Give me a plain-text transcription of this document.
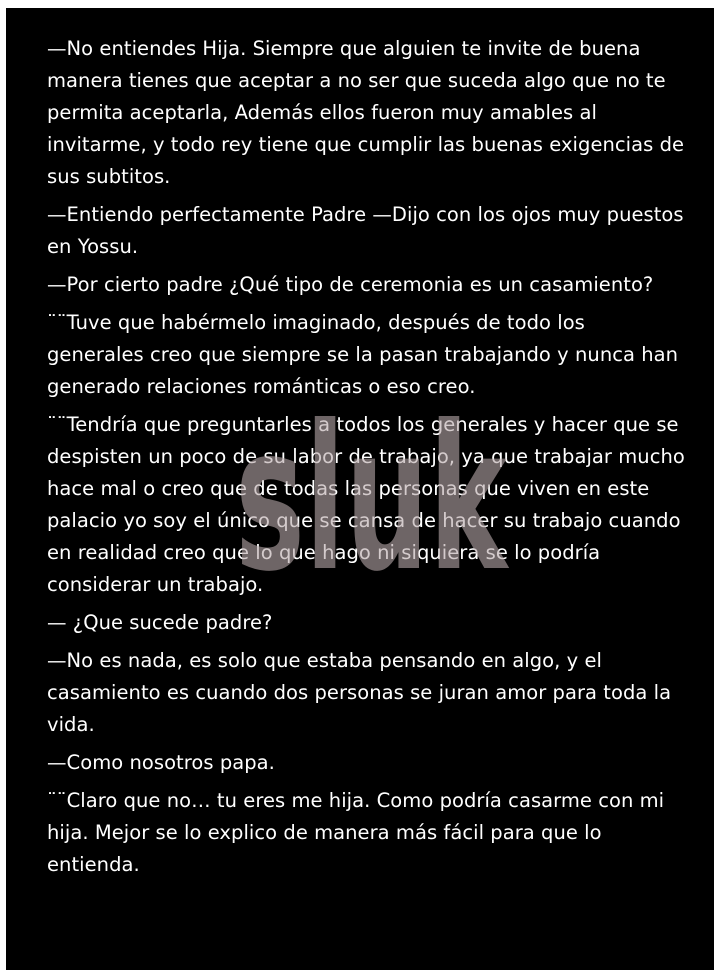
—No entiendes Hija. Siempre que alguien te invite de buena manera tienes que aceptar a no ser que suceda algo que no te permita aceptarla, Además ellos fueron muy amables al invitarme, y todo rey tiene que cumplir las buenas exigencias de sus subtitos.

—Entiendo perfectamente Padre —Dijo con los ojos muy puestos en Yossu.

—Por cierto padre ¿Qué tipo de ceremonia es un casamiento?

¨¨Tuve que habérmelo imaginado, después de todo los generales creo que siempre se la pasan trabajando y nunca han generado relaciones románticas o eso creo.

¨¨Tendría que preguntarles a todos los generales y hacer que se despisten un poco de su labor de trabajo, ya que trabajar mucho hace mal o creo que de todas las personas que viven en este palacio yo soy el único que se cansa de hacer su trabajo cuando en realidad creo que lo que hago ni siquiera se lo podría considerar un trabajo.

— ¿Que sucede padre?

—No es nada, es solo que estaba pensando en algo, y el casamiento es cuando dos personas se juran amor para toda la vida.

—Como nosotros papa.

¨¨Claro que no… tu eres me hija. Como podría casarme con mi hija. Mejor se lo explico de manera más fácil para que lo entienda.

sluk
